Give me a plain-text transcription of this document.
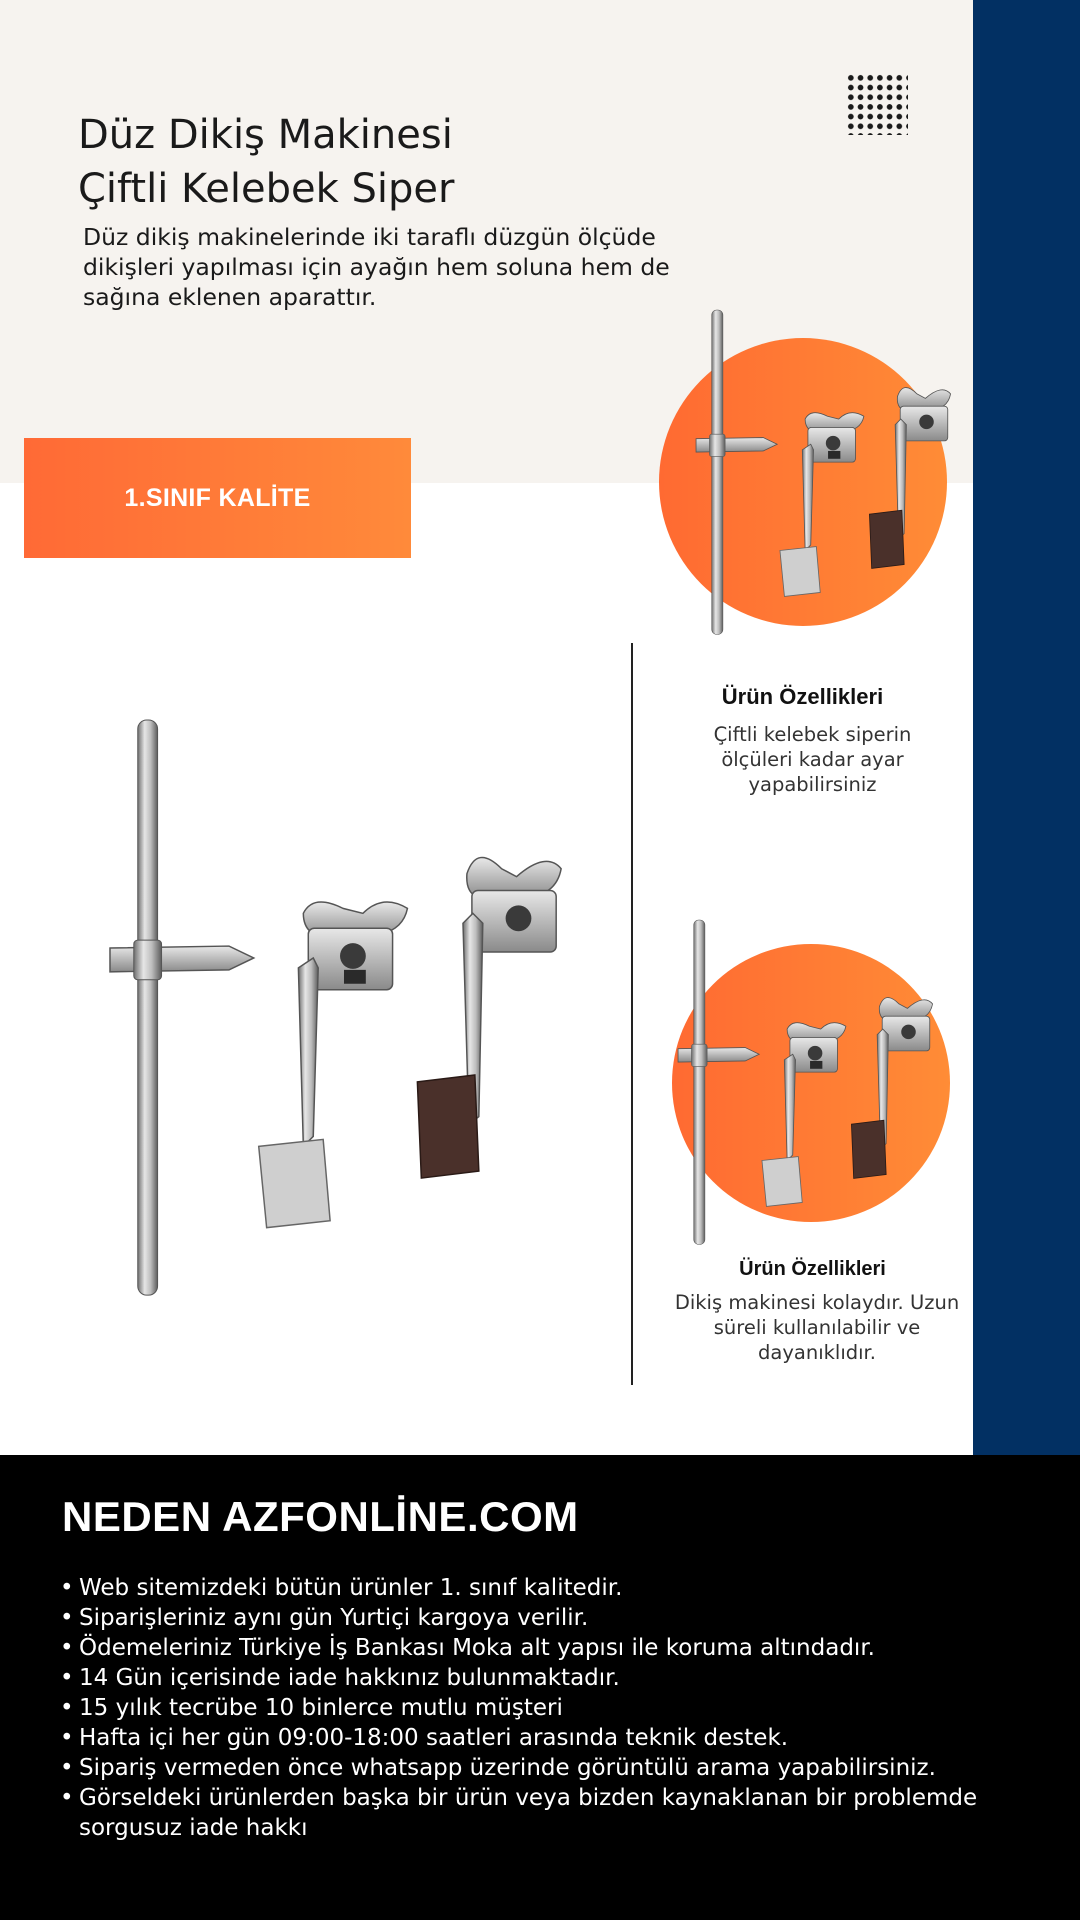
Düz Dikiş Makinesi
Çiftli Kelebek Siper

Düz dikiş makinelerinde iki taraflı düzgün ölçüde dikişleri yapılması için ayağın hem soluna hem de sağına eklenen aparattır.

1.SINIF KALİTE
Ürün Özellikleri
Çiftli kelebek siperin ölçüleri kadar ayar yapabilirsiniz
Ürün Özellikleri
Dikiş makinesi kolaydır. Uzun süreli kullanılabilir ve dayanıklıdır.
NEDEN AZFONLİNE.COM
• Web sitemizdeki bütün ürünler 1. sınıf kalitedir.
• Siparişleriniz aynı gün Yurtiçi kargoya verilir.
• Ödemeleriniz Türkiye İş Bankası Moka alt yapısı ile koruma altındadır.
• 14 Gün içerisinde iade hakkınız bulunmaktadır.
• 15 yılık tecrübe 10 binlerce mutlu müşteri
• Hafta içi her gün 09:00-18:00 saatleri arasında teknik destek.
• Sipariş vermeden önce whatsapp üzerinde görüntülü arama yapabilirsiniz.
• Görseldeki ürünlerden başka bir ürün veya bizden kaynaklanan bir problemde sorgusuz iade hakkı
